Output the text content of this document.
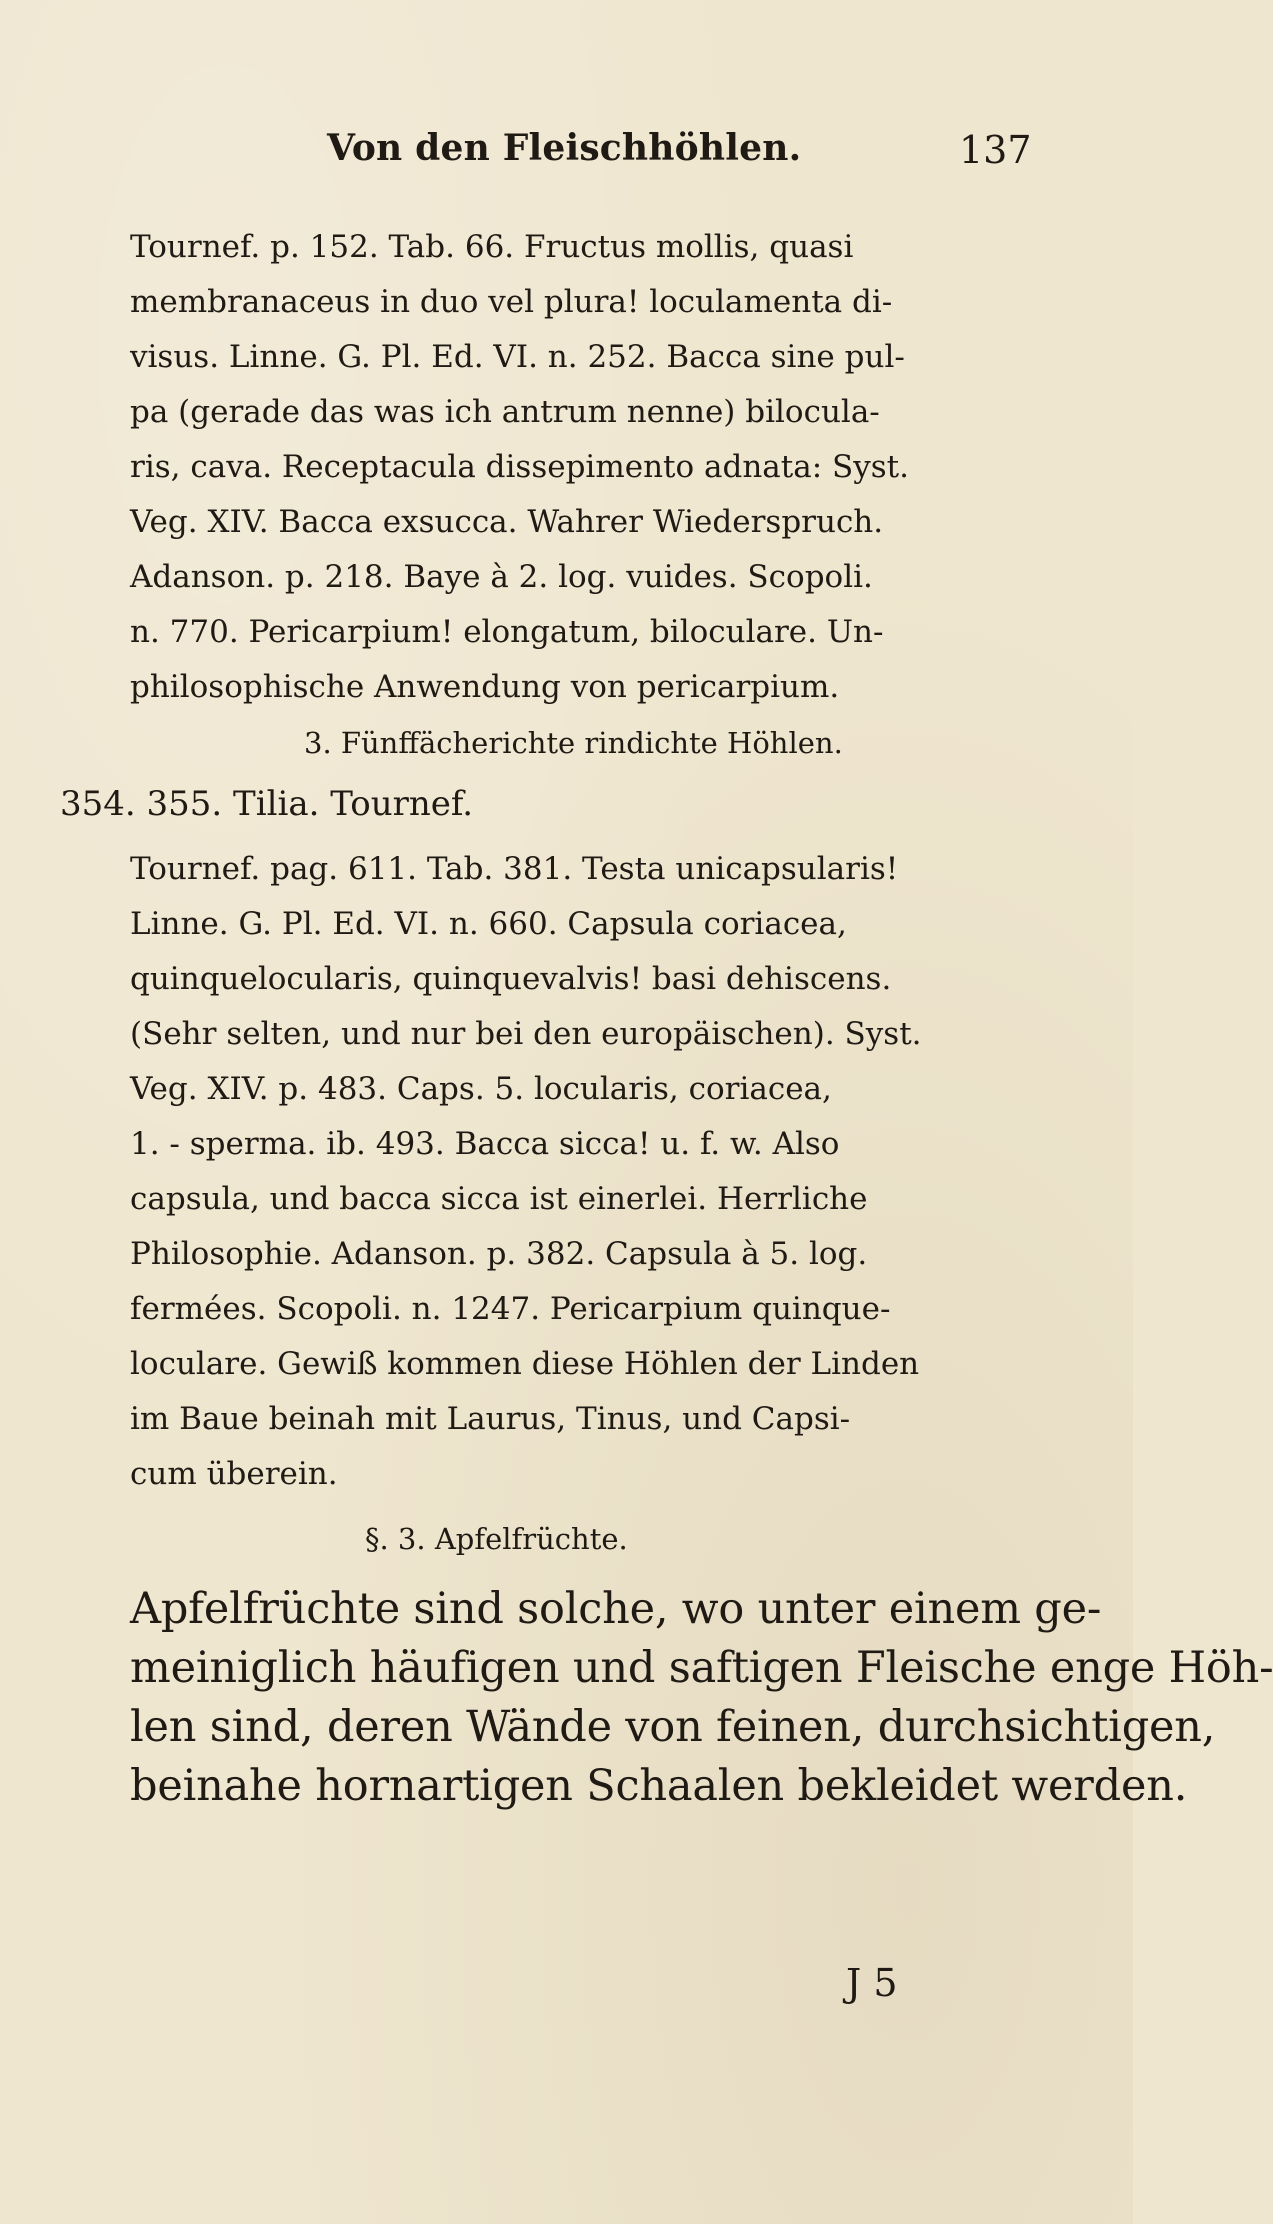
Von den Fleischhöhlen.	137
Tournef. p. 152. Tab. 66. Fructus mollis, quasi
membranaceus in duo vel plura! loculamenta di-
visus. Linne. G. Pl. Ed. VI. n. 252. Bacca sine pul-
pa (gerade das was ich antrum nenne) bilocula-
ris, cava. Receptacula dissepimento adnata: Syst.
Veg. XIV. Bacca exsucca. Wahrer Wiederspruch.
Adanson. p. 218. Baye à 2. log. vuides. Scopoli.
n. 770. Pericarpium! elongatum, biloculare. Un-
philosophische Anwendung von pericarpium.
3. Fünffächerichte rindichte Höhlen.
354. 355. Tilia. Tournef.
Tournef. pag. 611. Tab. 381. Testa unicapsularis!
Linne. G. Pl. Ed. VI. n. 660. Capsula coriacea,
quinquelocularis, quinquevalvis! basi dehiscens.
(Sehr selten, und nur bei den europäischen). Syst.
Veg. XIV. p. 483. Caps. 5. locularis, coriacea,
1. - sperma. ib. 493. Bacca sicca! u. f. w. Also
capsula, und bacca sicca ist einerlei. Herrliche
Philosophie. Adanson. p. 382. Capsula à 5. log.
fermées. Scopoli. n. 1247. Pericarpium quinque-
loculare. Gewiß kommen diese Höhlen der Linden
im Baue beinah mit Laurus, Tinus, und Capsi-
cum überein.
§. 3. Apfelfrüchte.
Apfelfrüchte sind solche, wo unter einem ge-
meiniglich häufigen und saftigen Fleische enge Höh-
len sind, deren Wände von feinen, durchsichtigen,
beinahe hornartigen Schaalen bekleidet werden.
J 5
